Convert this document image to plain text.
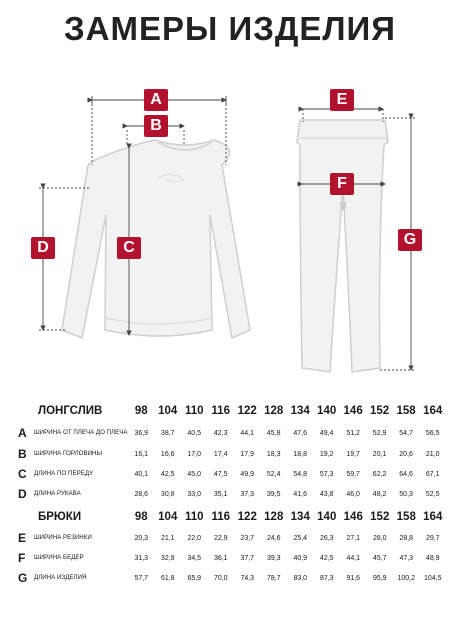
ЗАМЕРЫ ИЗДЕЛИЯ
A
B
C
D
E
F
G
ЛОНГСЛИВ		98	104	110	116	122	128	134	140	146	152	158	164
A	ШИРИНА ОТ ПЛЕЧА ДО ПЛЕЧА	36,9	38,7	40,5	42,3	44,1	45,8	47,6	49,4	51,2	52,9	54,7	56,5
B	ШИРИНА ГОРЛОВИНЫ	16,1	16,6	17,0	17,4	17,9	18,3	18,8	19,2	19,7	20,1	20,6	21,0
C	ДЛИНА ПО ПЕРЕДУ	40,1	42,5	45,0	47,5	49,9	52,4	54,8	57,3	59,7	62,2	64,6	67,1
D	ДЛИНА РУКАВА	28,6	30,8	33,0	35,1	37,3	39,5	41,6	43,8	46,0	48,2	50,3	52,5
БРЮКИ		98	104	110	116	122	128	134	140	146	152	158	164
E	ШИРИНА РЕЗИНКИ	20,3	21,1	22,0	22,9	23,7	24,6	25,4	26,3	27,1	28,0	28,8	29,7
F	ШИРИНА БЕДЕР	31,3	32,9	34,5	36,1	37,7	39,3	40,9	42,5	44,1	45,7	47,3	48,9
G	ДЛИНА ИЗДЕЛИЯ	57,7	61,8	65,9	70,0	74,3	78,7	83,0	87,3	91,6	95,9	100,2	104,5
